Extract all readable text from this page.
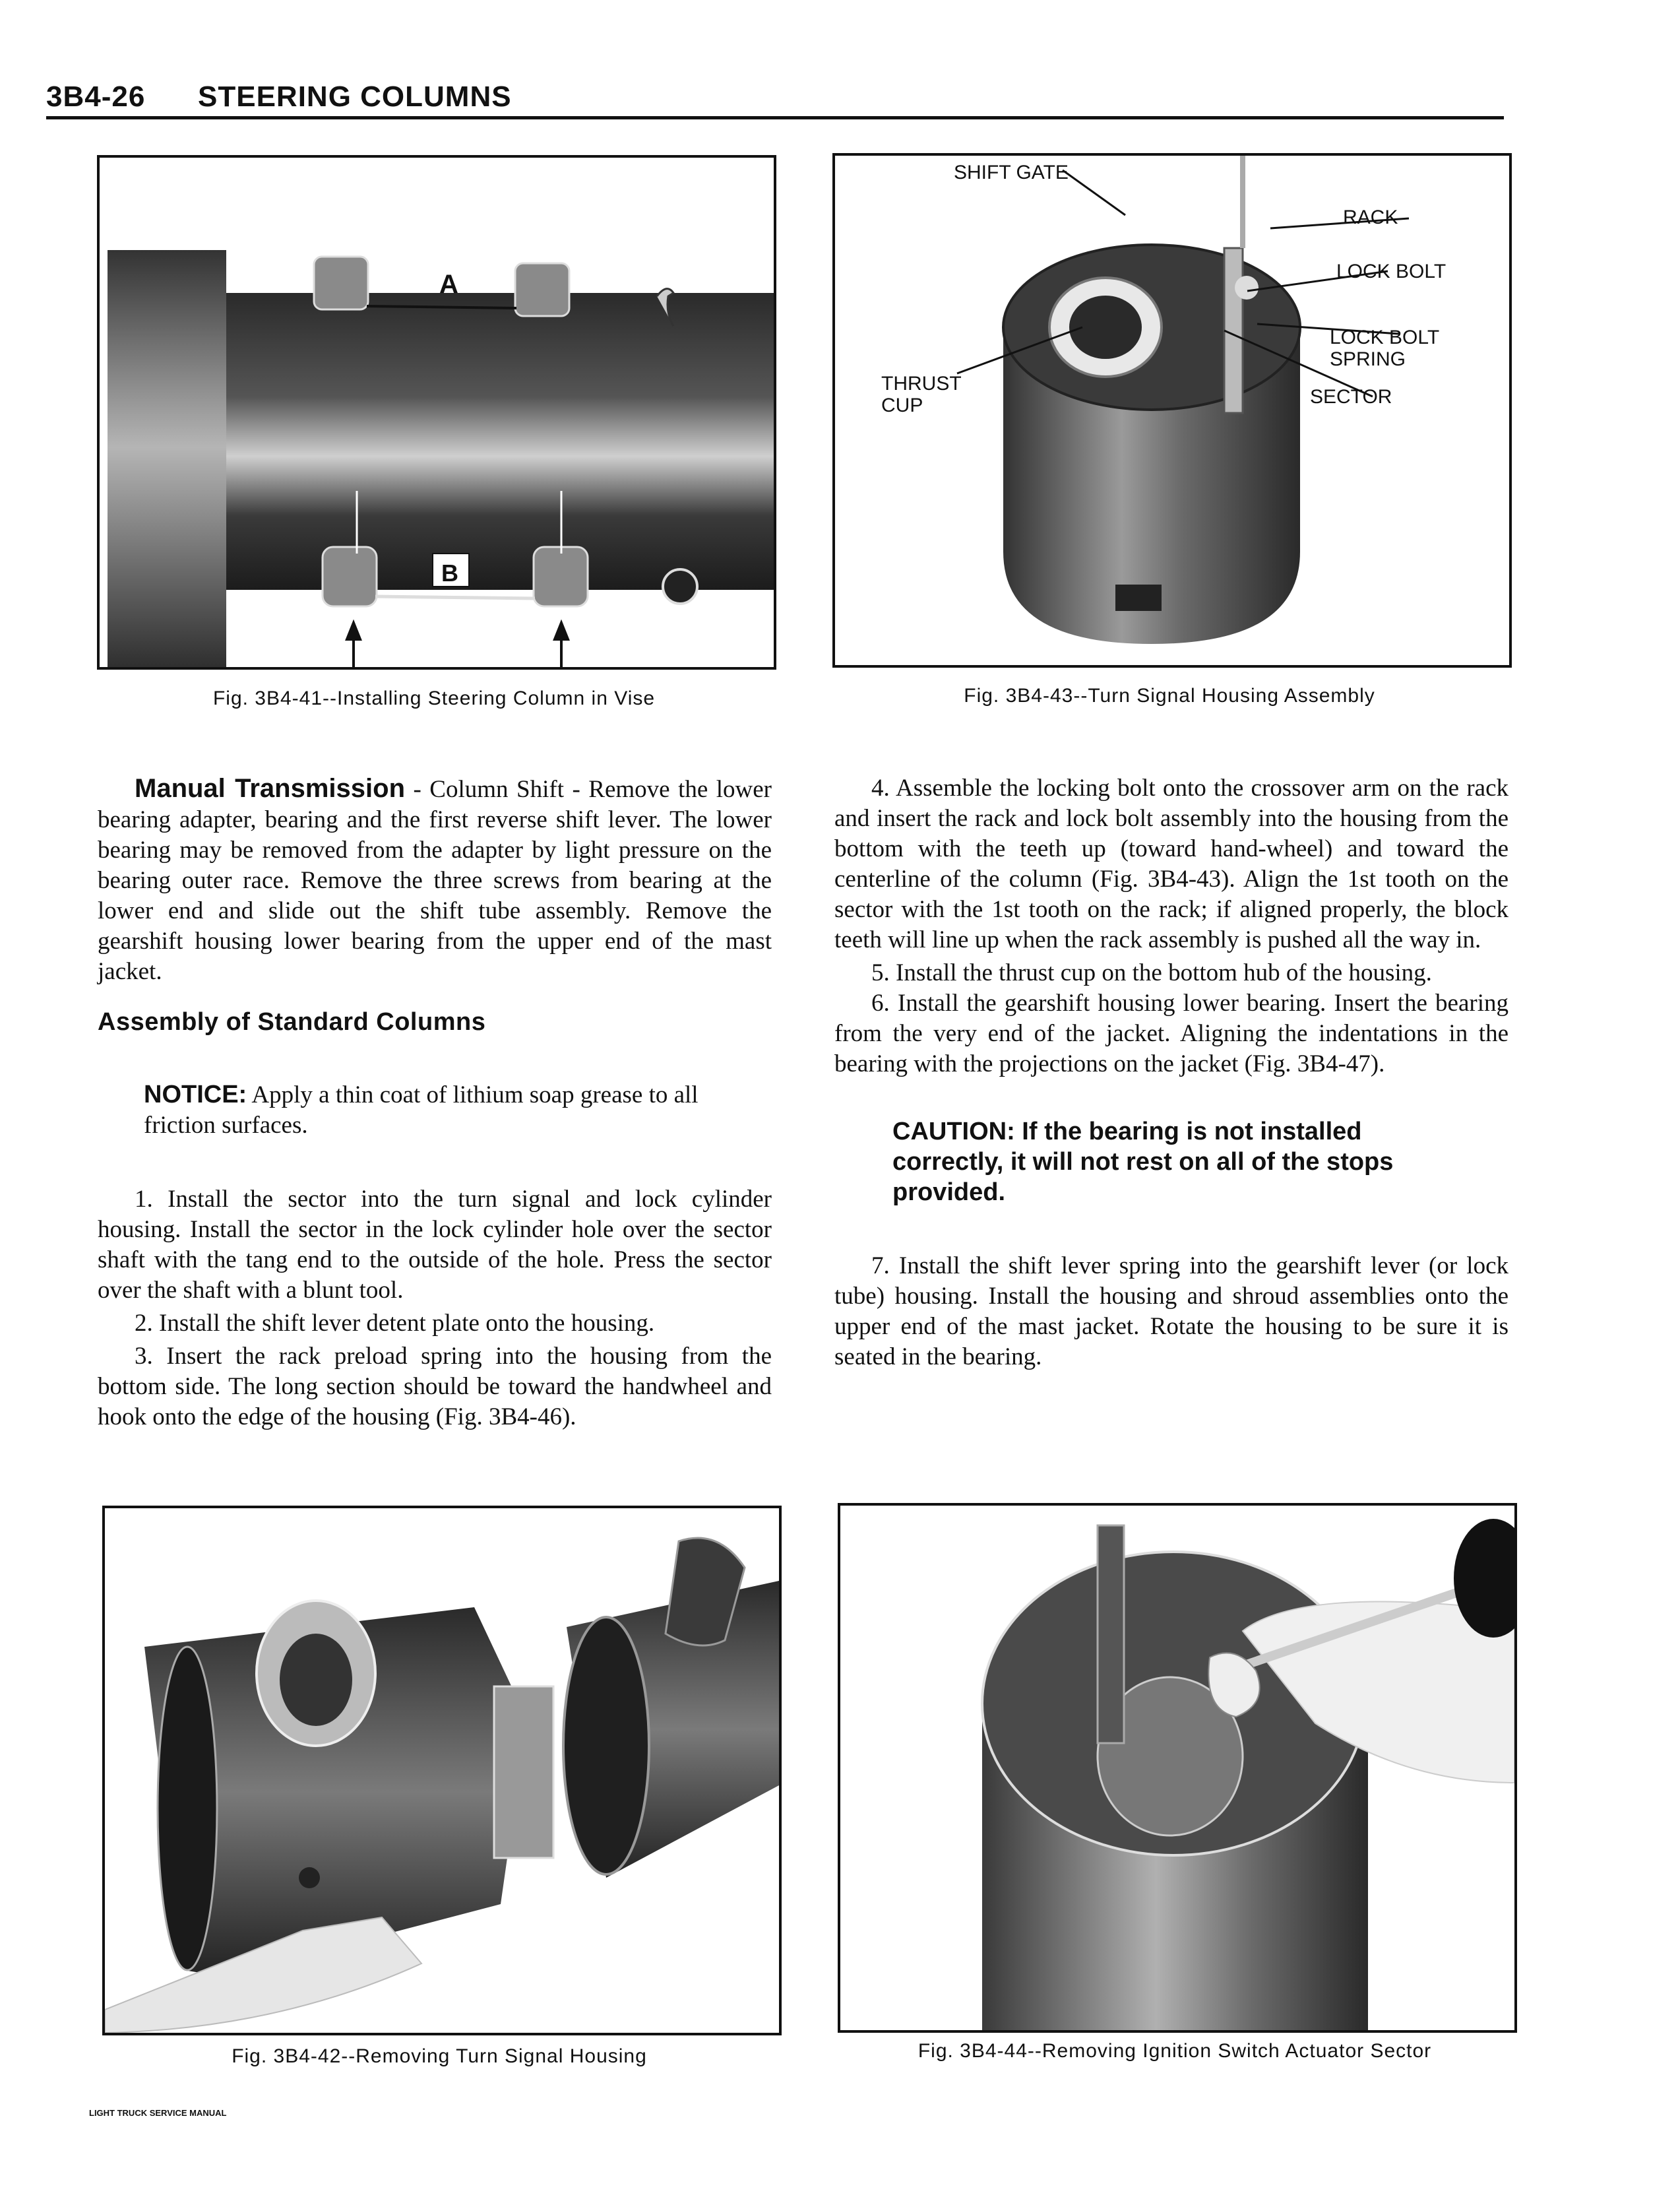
3B4-26 STEERING COLUMNS
A
B
Fig. 3B4-41--Installing Steering Column in Vise
SHIFT GATE
RACK
LOCK BOLT
LOCK BOLT
SPRING
THRUST
CUP	SECTOR
Fig. 3B4-43--Turn Signal Housing Assembly

Manual Transmission - Column Shift - Remove the lower bearing adapter, bearing and the first reverse shift lever. The lower bearing may be removed from the adapter by light pressure on the bearing outer race. Remove the three screws from bearing at the lower end and slide out the shift tube assembly. Remove the gearshift housing lower bearing from the upper end of the mast jacket.

Assembly of Standard Columns

NOTICE: Apply a thin coat of lithium soap grease to all friction surfaces.

1. Install the sector into the turn signal and lock cylinder housing. Install the sector in the lock cylinder hole over the sector shaft with the tang end to the outside of the hole. Press the sector over the shaft with a blunt tool.

2. Install the shift lever detent plate onto the housing.

3. Insert the rack preload spring into the housing from the bottom side. The long section should be toward the handwheel and hook onto the edge of the housing (Fig. 3B4-46).

4. Assemble the locking bolt onto the crossover arm on the rack and insert the rack and lock bolt assembly into the housing from the bottom with the teeth up (toward hand-wheel) and toward the centerline of the column (Fig. 3B4-43). Align the 1st tooth on the sector with the 1st tooth on the rack; if aligned properly, the block teeth will line up when the rack assembly is pushed all the way in.

5. Install the thrust cup on the bottom hub of the housing.

6. Install the gearshift housing lower bearing. Insert the bearing from the very end of the jacket. Aligning the indentations in the bearing with the projections on the jacket (Fig. 3B4-47).

CAUTION: If the bearing is not installed correctly, it will not rest on all of the stops provided.

7. Install the shift lever spring into the gearshift lever (or lock tube) housing. Install the housing and shroud assemblies onto the upper end of the mast jacket. Rotate the housing to be sure it is seated in the bearing.

Fig. 3B4-42--Removing Turn Signal Housing	Fig. 3B4-44--Removing Ignition Switch Actuator Sector
LIGHT TRUCK SERVICE MANUAL
